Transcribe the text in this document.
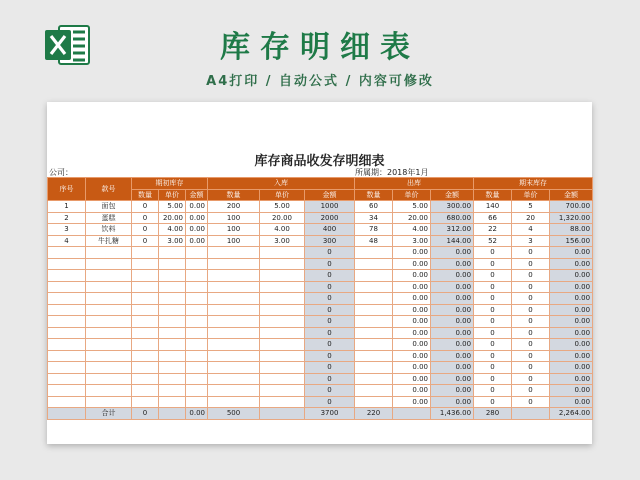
库存明细表
A4打印 / 自动公式 / 内容可修改
库存商品收发存明细表
公司：	所属期：2018年1月
序号	款号	期初库存			入库			出库			期末库存		
		数量	单价	金额	数量	单价	金额	数量	单价	金额	数量	单价	金额
1	面包	0	5.00	0.00	200	5.00	1000	60	5.00	300.00	140	5	700.00
2	蛋糕	0	20.00	0.00	100	20.00	2000	34	20.00	680.00	66	20	1,320.00
3	饮料	0	4.00	0.00	100	4.00	400	78	4.00	312.00	22	4	88.00
4	牛扎糖	0	3.00	0.00	100	3.00	300	48	3.00	144.00	52	3	156.00
							0		0.00	0.00	0	0	0.00
							0		0.00	0.00	0	0	0.00
							0		0.00	0.00	0	0	0.00
							0		0.00	0.00	0	0	0.00
							0		0.00	0.00	0	0	0.00
							0		0.00	0.00	0	0	0.00
							0		0.00	0.00	0	0	0.00
							0		0.00	0.00	0	0	0.00
							0		0.00	0.00	0	0	0.00
							0		0.00	0.00	0	0	0.00
							0		0.00	0.00	0	0	0.00
							0		0.00	0.00	0	0	0.00
							0		0.00	0.00	0	0	0.00
							0		0.00	0.00	0	0	0.00
	合计	0		0.00	500		3700	220		1,436.00	280		2,264.00
